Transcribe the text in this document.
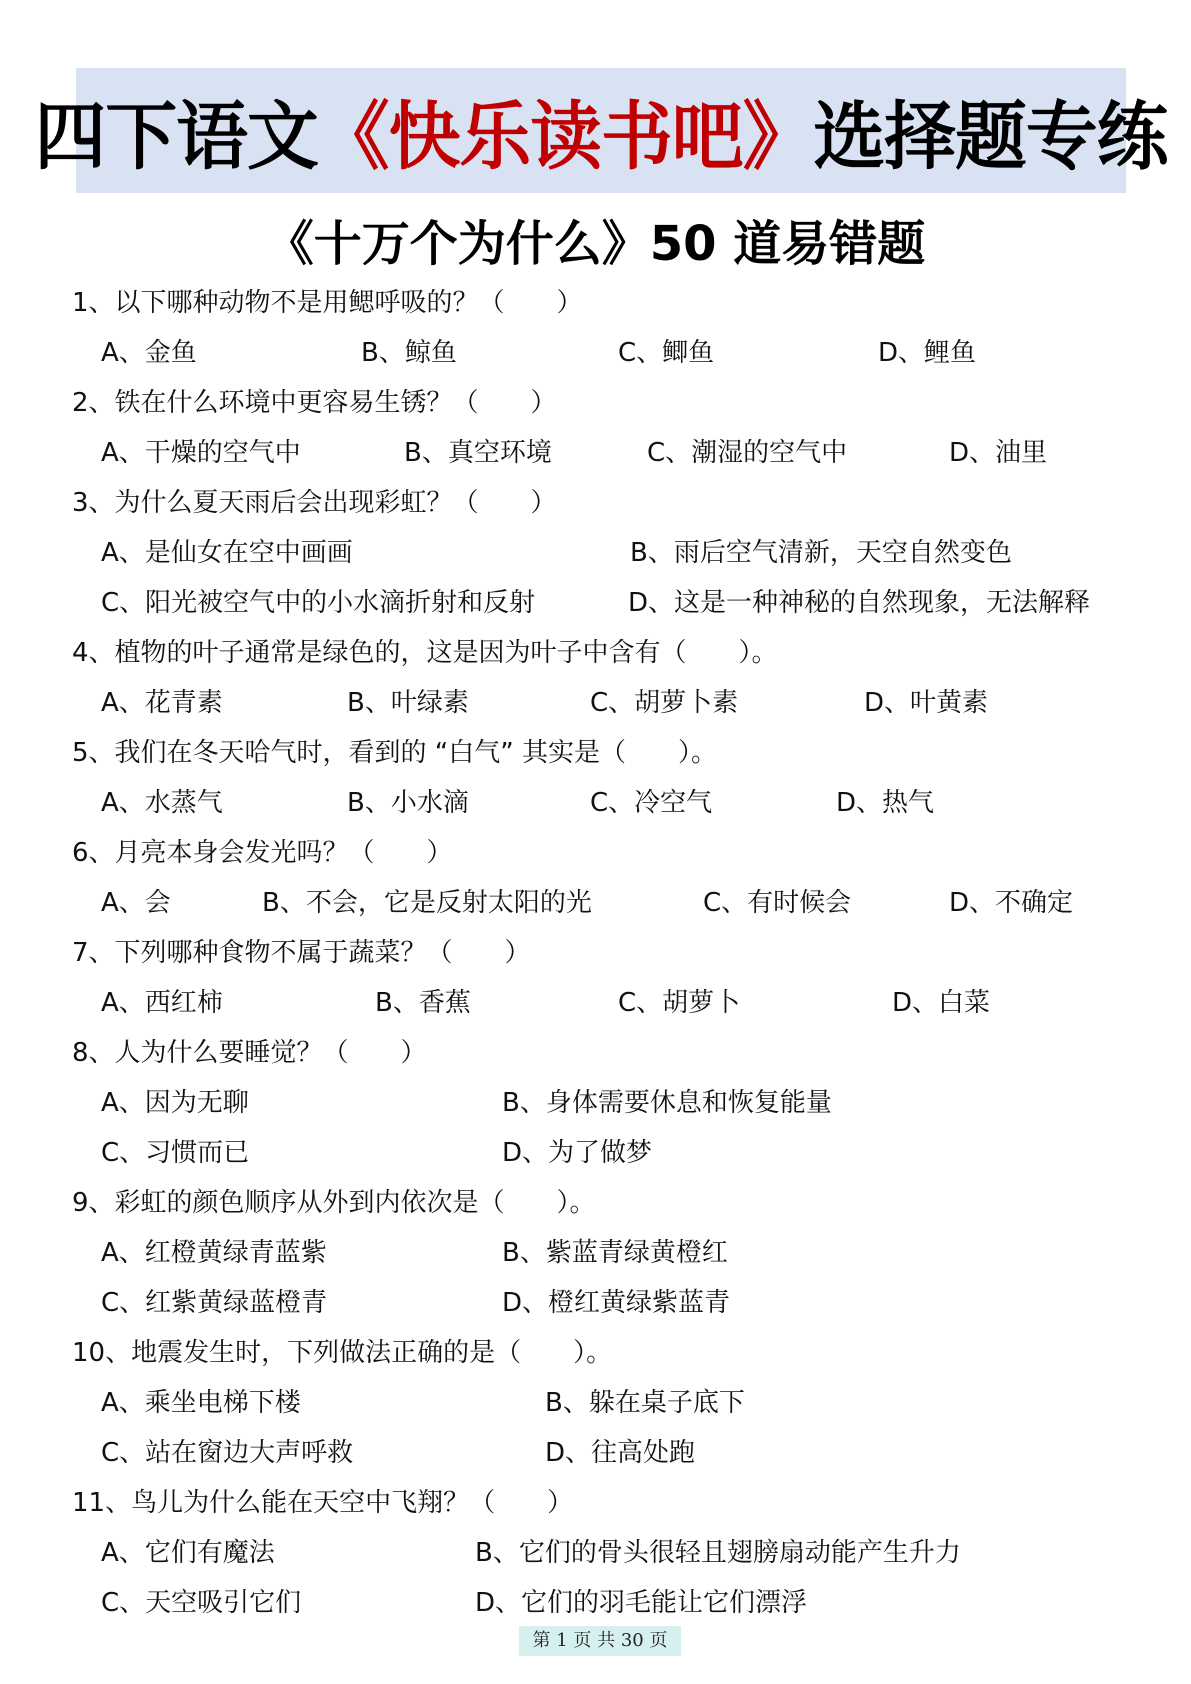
四下语文《快乐读书吧》选择题专练
《十万个为什么》50 道易错题
1、以下哪种动物不是用鳃呼吸的？（　　）
A、金鱼	B、鲸鱼	C、鲫鱼	D、鲤鱼
2、铁在什么环境中更容易生锈？（　　）
A、干燥的空气中	B、真空环境	C、潮湿的空气中	D、油里
3、为什么夏天雨后会出现彩虹？（　　）
A、是仙女在空中画画	B、雨后空气清新，天空自然变色
C、阳光被空气中的小水滴折射和反射	D、这是一种神秘的自然现象，无法解释
4、植物的叶子通常是绿色的，这是因为叶子中含有（　　）。
A、花青素	B、叶绿素	C、胡萝卜素	D、叶黄素
5、我们在冬天哈气时，看到的 “白气” 其实是（　　）。
A、水蒸气	B、小水滴	C、冷空气	D、热气
6、月亮本身会发光吗？（　　）
A、会	B、不会，它是反射太阳的光	C、有时候会	D、不确定
7、下列哪种食物不属于蔬菜？（　　）
A、西红柿	B、香蕉	C、胡萝卜	D、白菜
8、人为什么要睡觉？（　　）
A、因为无聊	B、身体需要休息和恢复能量
C、习惯而已	D、为了做梦
9、彩虹的颜色顺序从外到内依次是（　　）。
A、红橙黄绿青蓝紫	B、紫蓝青绿黄橙红
C、红紫黄绿蓝橙青	D、橙红黄绿紫蓝青
10、地震发生时，下列做法正确的是（　　）。
A、乘坐电梯下楼	B、躲在桌子底下
C、站在窗边大声呼救	D、往高处跑
11、鸟儿为什么能在天空中飞翔？（　　）
A、它们有魔法	B、它们的骨头很轻且翅膀扇动能产生升力
C、天空吸引它们	D、它们的羽毛能让它们漂浮
第 1 页 共 30 页
